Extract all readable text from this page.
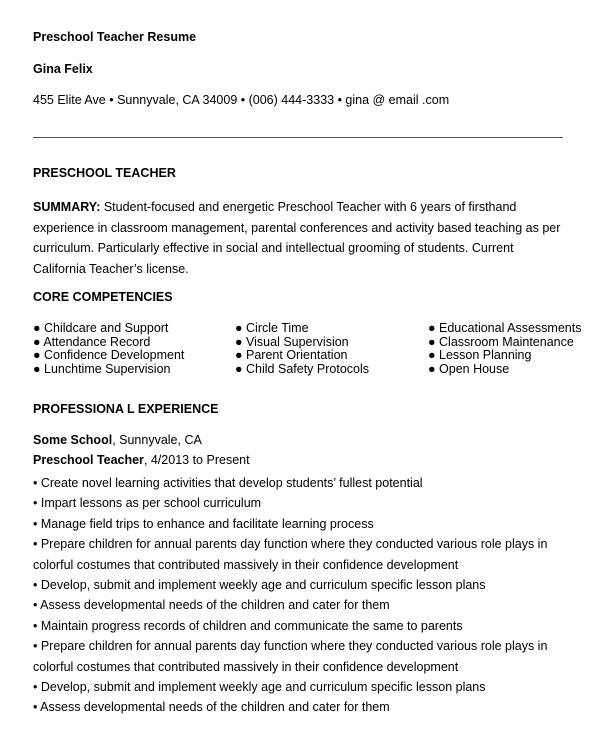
Preschool Teacher Resume
Gina Felix
455 Elite Ave • Sunnyvale, CA 34009 • (006) 444-3333 • gina @ email .com
PRESCHOOL TEACHER
SUMMARY: Student-focused and energetic Preschool Teacher with 6 years of firsthand experience in classroom management, parental conferences and activity based teaching as per curriculum. Particularly effective in social and intellectual grooming of students. Current California Teacher’s license.
CORE COMPETENCIES
● Childcare and Support
● Attendance Record
● Confidence Development
● Lunchtime Supervision
● Circle Time
● Visual Supervision
● Parent Orientation
● Child Safety Protocols
● Educational Assessments
● Classroom Maintenance
● Lesson Planning
● Open House
PROFESSIONA L EXPERIENCE
Some School, Sunnyvale, CA
Preschool Teacher, 4/2013 to Present
• Create novel learning activities that develop students’ fullest potential
• Impart lessons as per school curriculum
• Manage field trips to enhance and facilitate learning process
• Prepare children for annual parents day function where they conducted various role plays in colorful costumes that contributed massively in their confidence development
• Develop, submit and implement weekly age and curriculum specific lesson plans
• Assess developmental needs of the children and cater for them
• Maintain progress records of children and communicate the same to parents
• Prepare children for annual parents day function where they conducted various role plays in colorful costumes that contributed massively in their confidence development
• Develop, submit and implement weekly age and curriculum specific lesson plans
• Assess developmental needs of the children and cater for them
